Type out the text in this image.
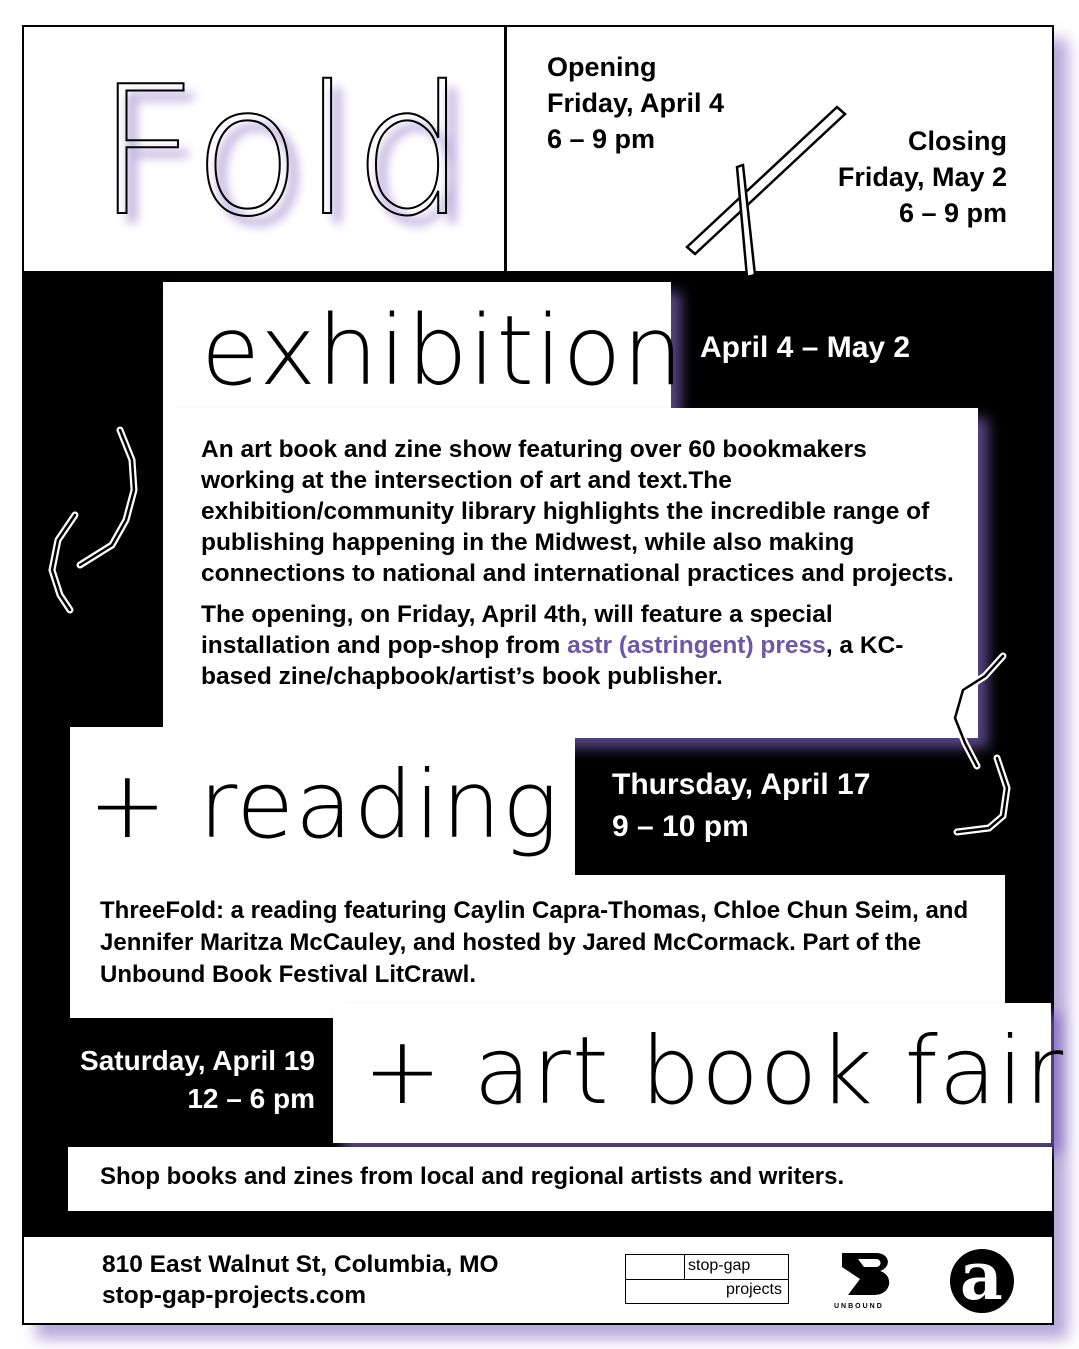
Fold	Opening
Friday, April 4
6 – 9 pm	Closing
Friday, May 2
6 – 9 pm
exhibition April 4 – May 2

An art book and zine show featuring over 60 bookmakers working at the intersection of art and text.The exhibition/community library highlights the incredible range of publishing happening in the Midwest, while also making connections to national and international practices and projects.

The opening, on Friday, April 4th, will feature a special installation and pop-shop from astr (astringent) press, a KC-based zine/chapbook/artist’s book publisher.

+ reading Thursday, April 17
9 – 10 pm

ThreeFold: a reading featuring Caylin Capra-Thomas, Chloe Chun Seim, and Jennifer Maritza McCauley, and hosted by Jared McCormack. Part of the Unbound Book Festival LitCrawl.

+ art book fair
Saturday, April 19
12 – 6 pm

Shop books and zines from local and regional artists and writers.

810 East Walnut St, Columbia, MO
stop-gap-projects.com
stop-gap
projects
UNBOUND a
